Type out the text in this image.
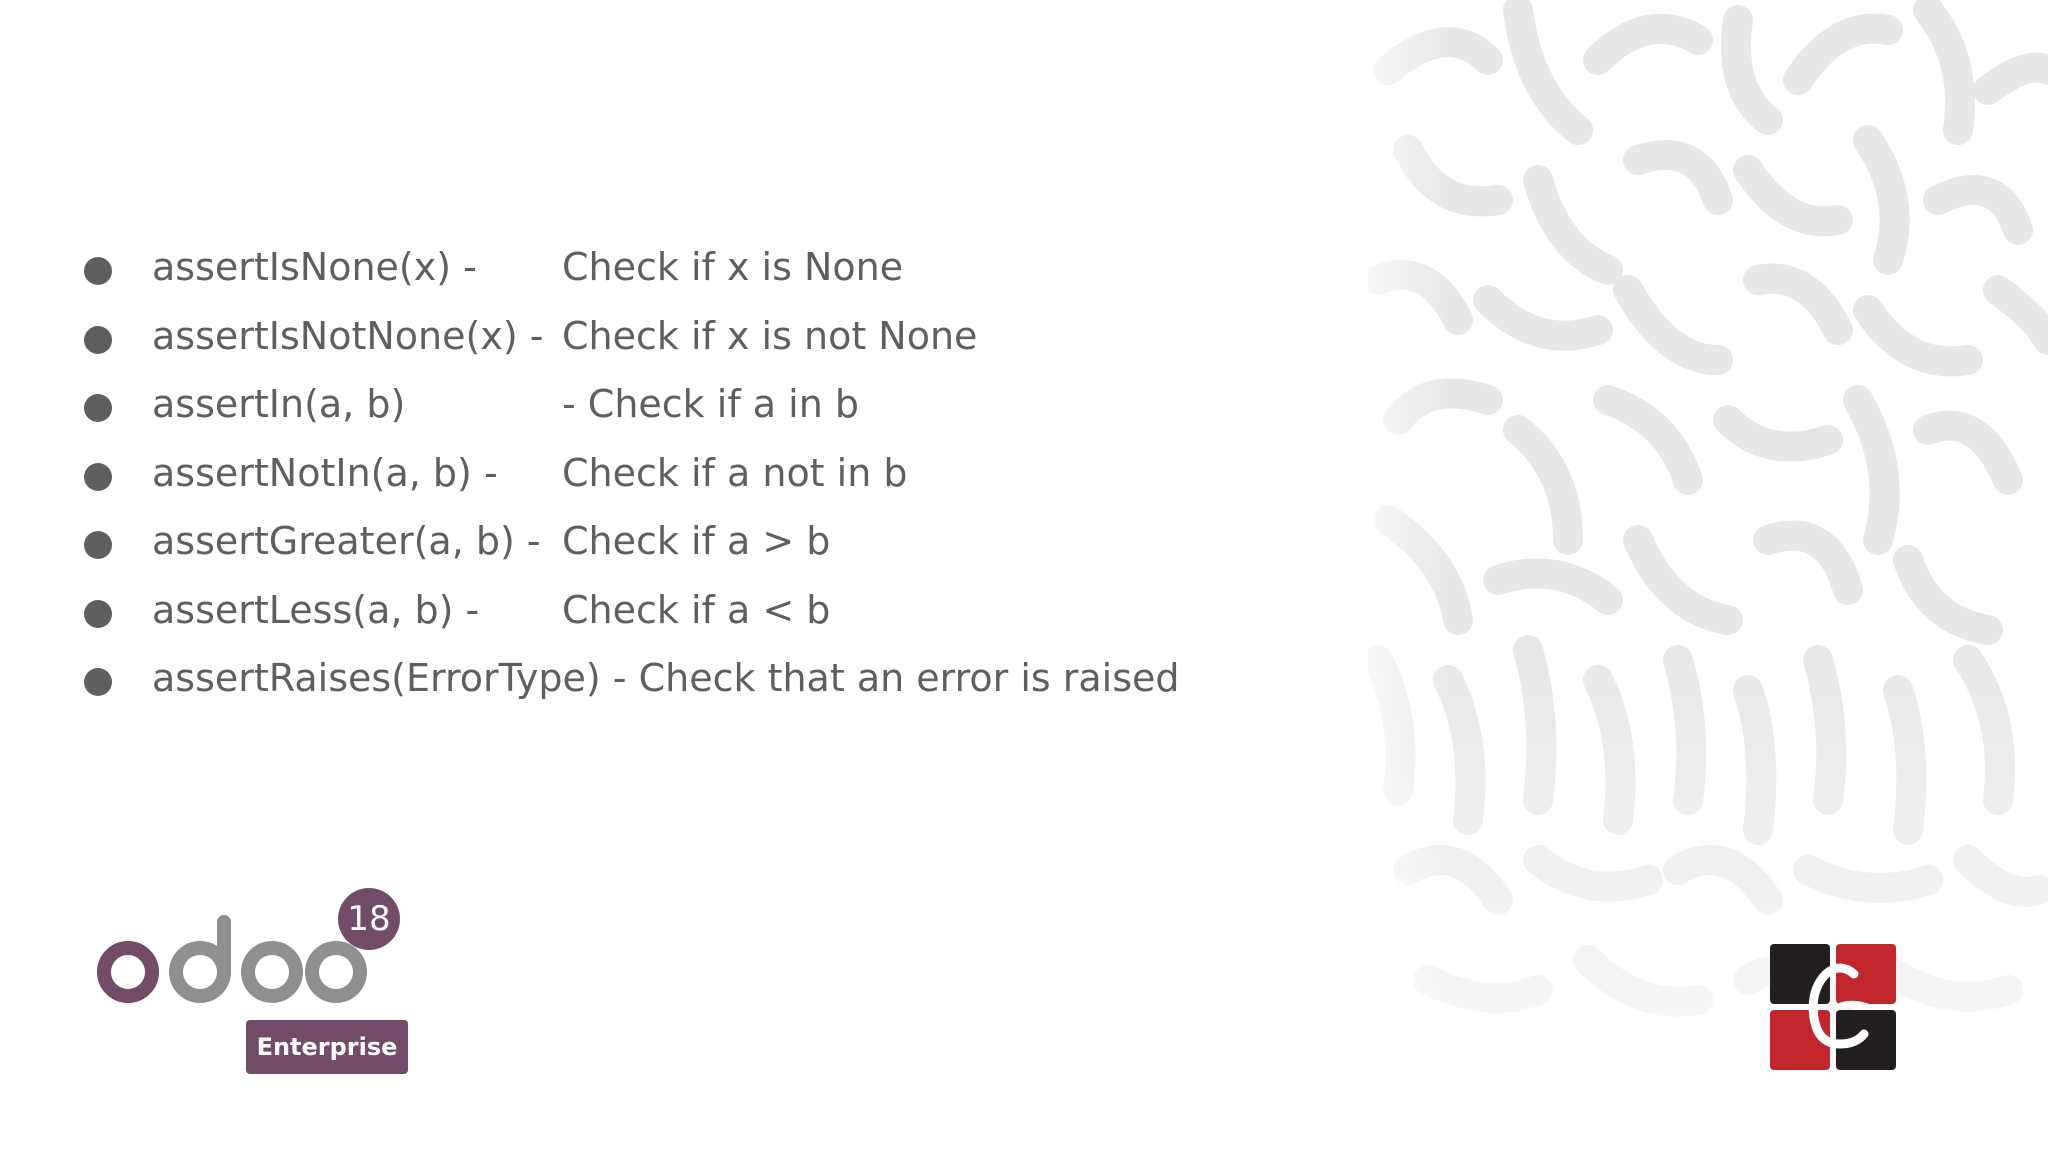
assertIsNone(x) - Check if x is None
assertIsNotNone(x) - Check if x is not None
assertIn(a, b)	- Check if a in b
assertNotIn(a, b) - Check if a not in b
assertGreater(a, b) - Check if a > b
assertLess(a, b) - Check if a < b
assertRaises(ErrorType) - Check that an error is raised
18
Enterprise
